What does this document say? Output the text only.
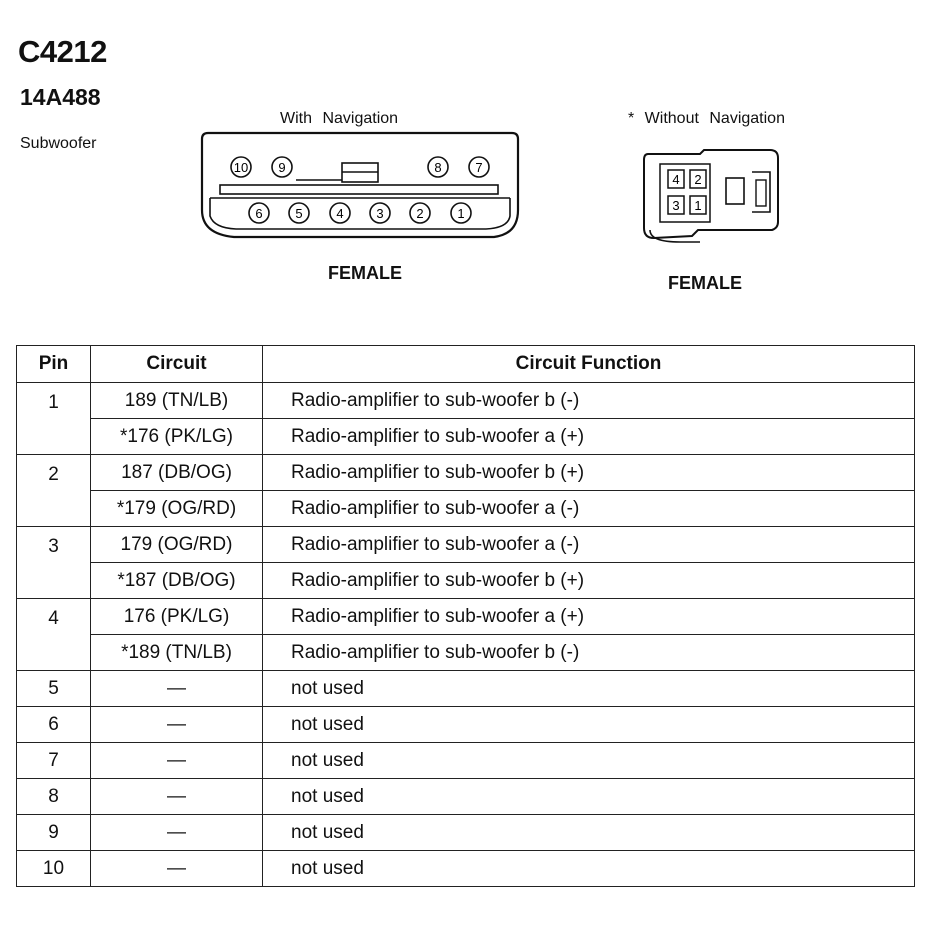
C4212
14A488
Subwoofer
With Navigation	* Without Navigation
10 9	8	7
6	5	4	3	2	1
4 2
3 1
FEMALE	FEMALE
Pin	Circuit	Circuit Function
1	189 (TN/LB)	Radio-amplifier to sub-woofer b (-)
	*176 (PK/LG)	Radio-amplifier to sub-woofer a (+)
2	187 (DB/OG)	Radio-amplifier to sub-woofer b (+)
	*179 (OG/RD)	Radio-amplifier to sub-woofer a (-)
3	179 (OG/RD)	Radio-amplifier to sub-woofer a (-)
	*187 (DB/OG)	Radio-amplifier to sub-woofer b (+)
4	176 (PK/LG)	Radio-amplifier to sub-woofer a (+)
	*189 (TN/LB)	Radio-amplifier to sub-woofer b (-)
5	—	not used
6	—	not used
7	—	not used
8	—	not used
9	—	not used
10	—	not used
